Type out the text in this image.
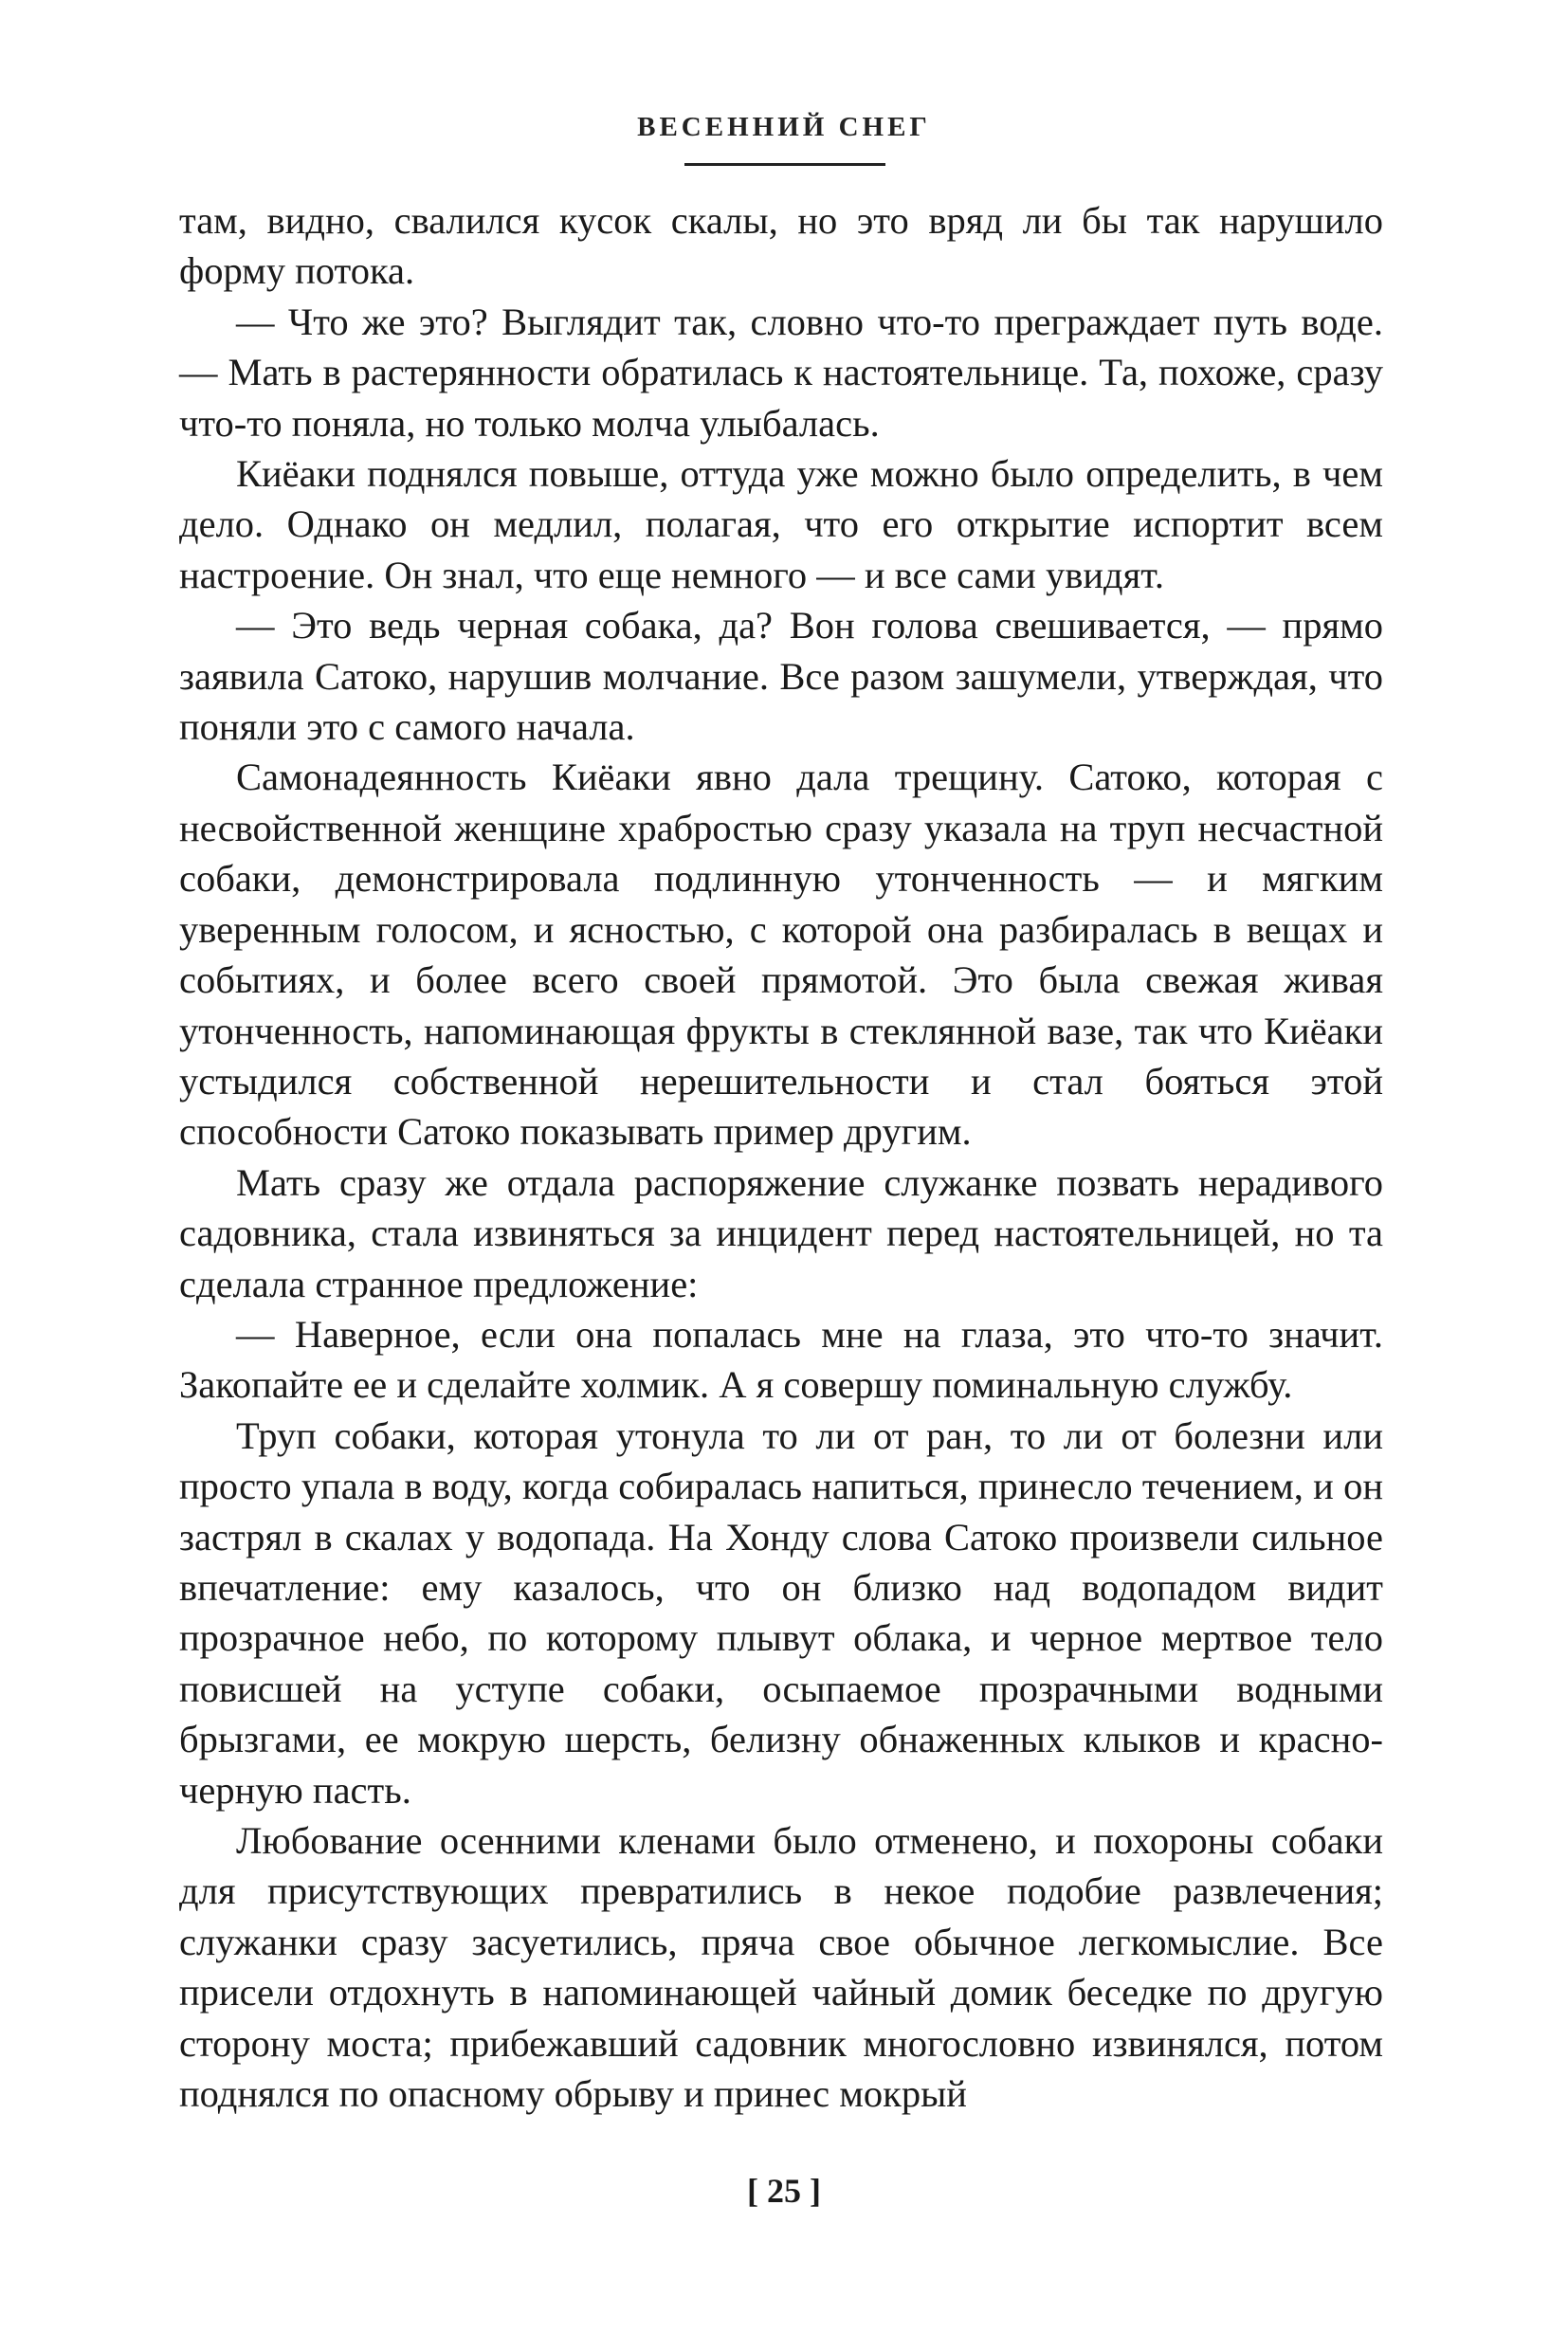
ВЕСЕННИЙ СНЕГ

там, видно, свалился кусок скалы, но это вряд ли бы так нарушило форму потока.

— Что же это? Выглядит так, словно что-то преграждает путь воде. — Мать в растерянности обратилась к настоятельнице. Та, похоже, сразу что-то поняла, но только молча улыбалась.

Киёаки поднялся повыше, оттуда уже можно было определить, в чем дело. Однако он медлил, полагая, что его открытие испортит всем настроение. Он знал, что еще немного — и все сами увидят.

— Это ведь черная собака, да? Вон голова свешивается, — прямо заявила Сатоко, нарушив молчание. Все разом зашумели, утверждая, что поняли это с самого начала.

Самонадеянность Киёаки явно дала трещину. Сатоко, которая с несвойственной женщине храбростью сразу указала на труп несчастной собаки, демонстрировала подлинную утонченность — и мягким уверенным голосом, и ясностью, с которой она разбиралась в вещах и событиях, и более всего своей прямотой. Это была свежая живая утонченность, напоминающая фрукты в стеклянной вазе, так что Киёаки устыдился собственной нерешительности и стал бояться этой способности Сатоко показывать пример другим.

Мать сразу же отдала распоряжение служанке позвать нерадивого садовника, стала извиняться за инцидент перед настоятельницей, но та сделала странное предложение:

— Наверное, если она попалась мне на глаза, это что-то значит. Закопайте ее и сделайте холмик. А я совершу поминальную службу.

Труп собаки, которая утонула то ли от ран, то ли от болезни или просто упала в воду, когда собиралась напиться, принесло течением, и он застрял в скалах у водопада. На Хонду слова Сатоко произвели сильное впечатление: ему казалось, что он близко над водопадом видит прозрачное небо, по которому плывут облака, и черное мертвое тело повисшей на уступе собаки, осыпаемое прозрачными водными брызгами, ее мокрую шерсть, белизну обнаженных клыков и красно-черную пасть.

Любование осенними кленами было отменено, и похороны собаки для присутствующих превратились в некое подобие развлечения; служанки сразу засуетились, пряча свое обычное легкомыслие. Все присели отдохнуть в напоминающей чайный домик беседке по другую сторону моста; прибежавший садовник многословно извинялся, потом поднялся по опасному обрыву и принес мокрый

[ 25 ]
